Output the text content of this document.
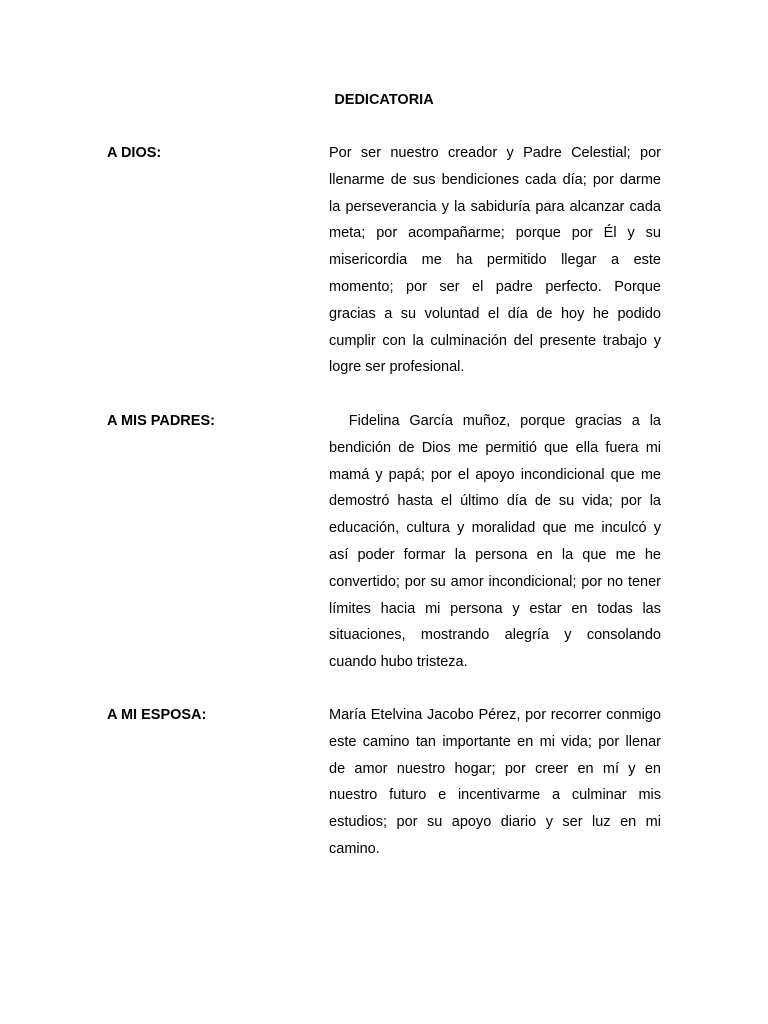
DEDICATORIA
A DIOS:	Por ser nuestro creador y Padre Celestial; por llenarme de sus bendiciones cada día; por darme la perseverancia y la sabiduría para alcanzar cada meta; por acompañarme; porque por Él y su misericordia me ha permitido llegar a este momento; por ser el padre perfecto. Porque gracias a su voluntad el día de hoy he podido cumplir con la culminación del presente trabajo y logre ser profesional.
A MIS PADRES:	Fidelina García muñoz, porque gracias a la bendición de Dios me permitió que ella fuera mi mamá y papá; por el apoyo incondicional que me demostró hasta el último día de su vida; por la educación, cultura y moralidad que me inculcó y así poder formar la persona en la que me he convertido; por su amor incondicional; por no tener límites hacia mi persona y estar en todas las situaciones, mostrando alegría y consolando cuando hubo tristeza.
A MI ESPOSA:	María Etelvina Jacobo Pérez, por recorrer conmigo este camino tan importante en mi vida; por llenar de amor nuestro hogar; por creer en mí y en nuestro futuro e incentivarme a culminar mis estudios; por su apoyo diario y ser luz en mi camino.
